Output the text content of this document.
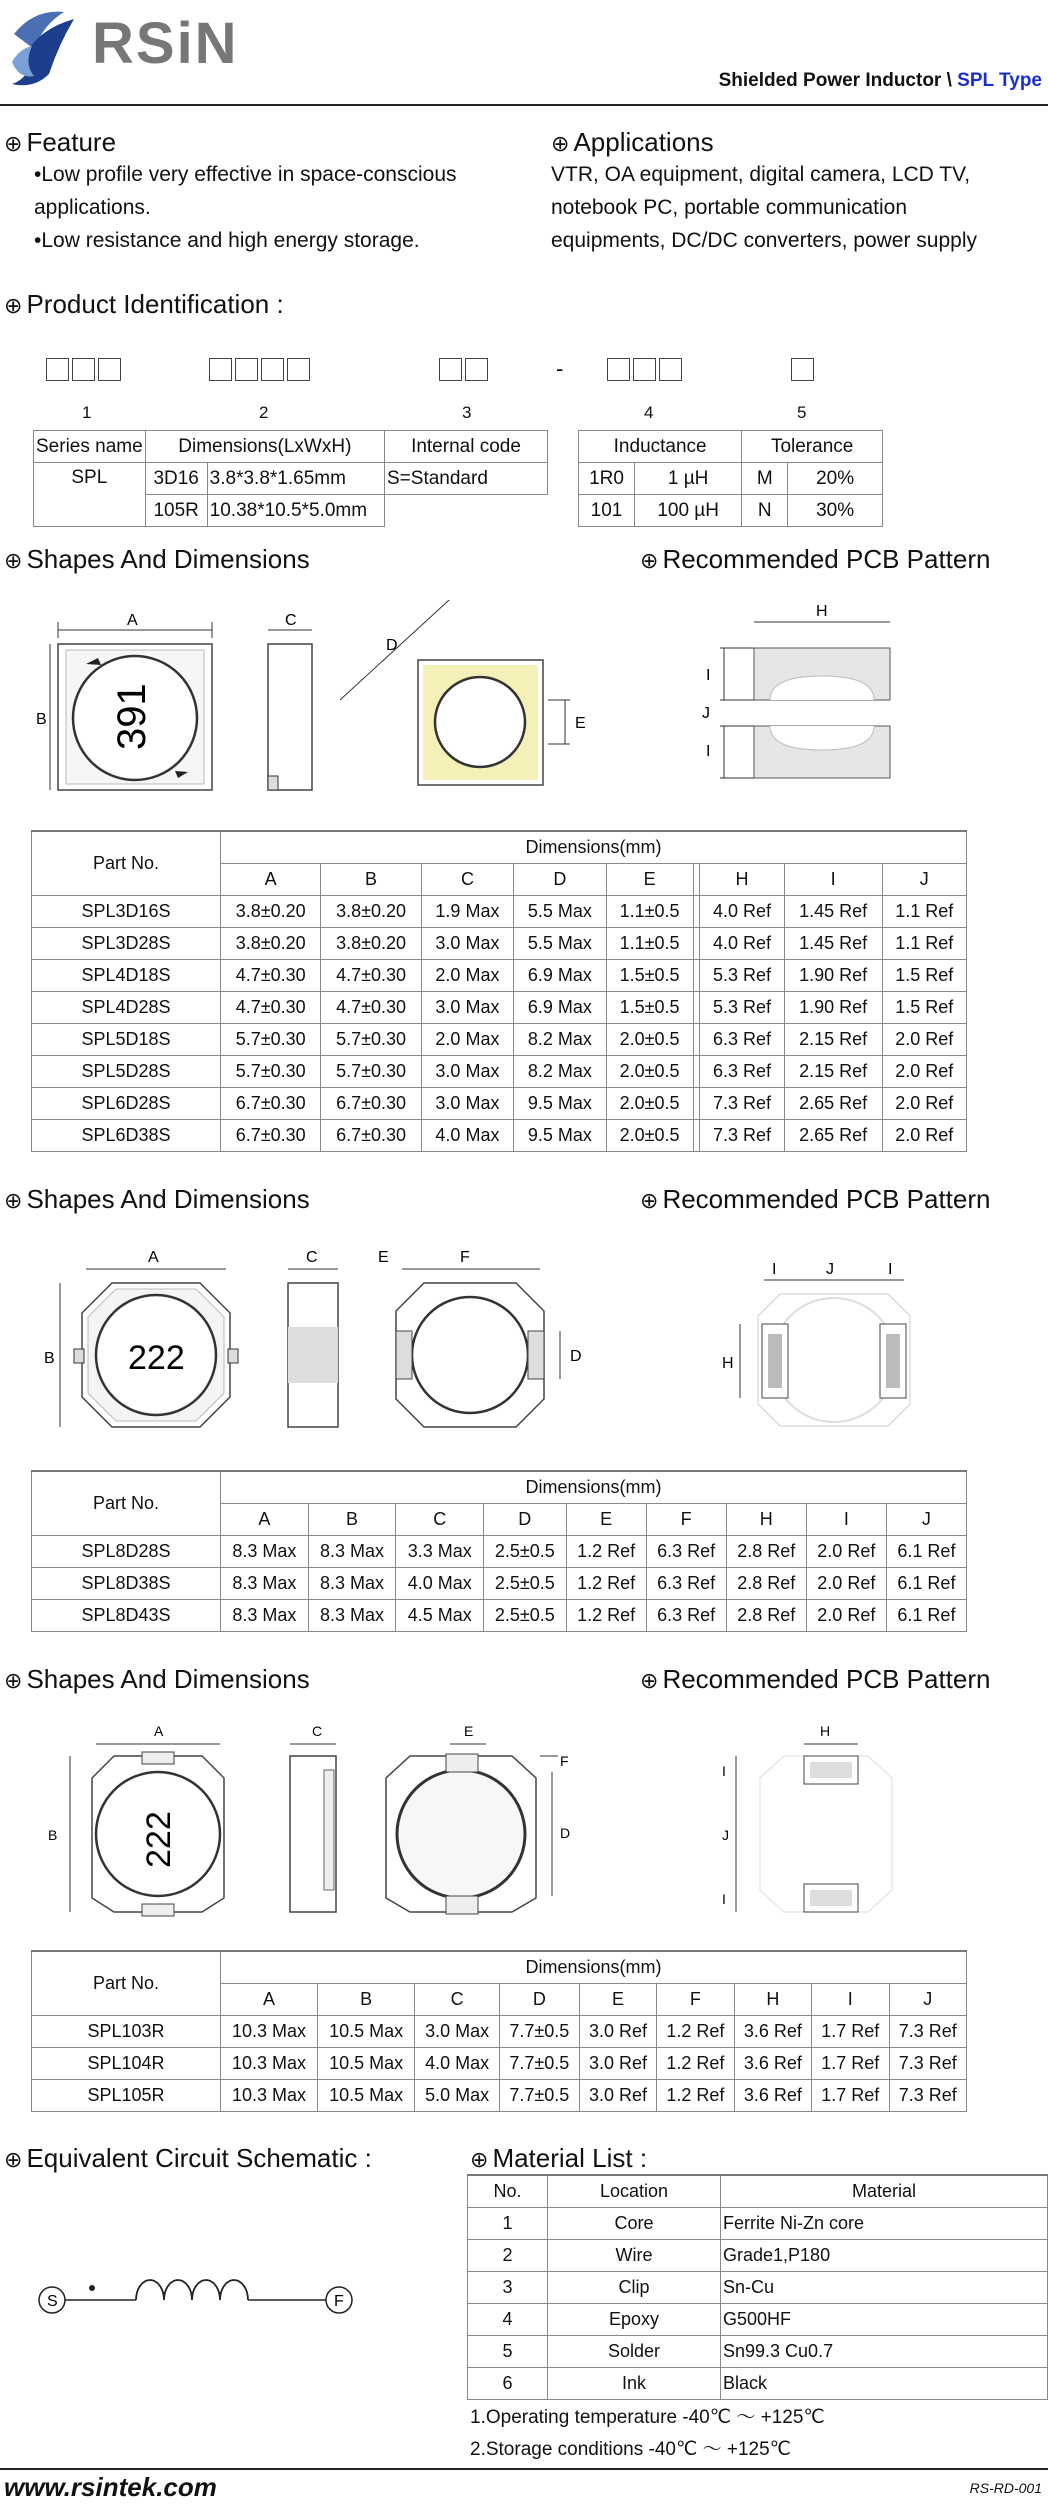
RSiN
Shielded Power Inductor \ SPL Type
⊕ Feature
•Low profile very effective in space-conscious
applications.
•Low resistance and high energy storage.
⊕ Applications
VTR, OA equipment, digital camera, LCD TV,
notebook PC, portable communication
equipments, DC/DC converters, power supply
⊕ Product Identification :
-
1	2	3	4	5
Series name	Dimensions(LxWxH)		Internal code
SPL	3D16	3.8*3.8*1.65mm	S=Standard
	105R	10.38*10.5*5.0mm	
Inductance		Tolerance	
1R0	1 µH	M	20%
101	100 µH	N	30%
⊕ Shapes And Dimensions	⊕ Recommended PCB Pattern
A
391
B
C
D
E
H
I
J
I
Part No.	Dimensions(mm)								
	A	B	C	D	E		H	I	J
SPL3D16S	3.8±0.20	3.8±0.20	1.9 Max	5.5 Max	1.1±0.5		4.0 Ref	1.45 Ref	1.1 Ref
SPL3D28S	3.8±0.20	3.8±0.20	3.0 Max	5.5 Max	1.1±0.5		4.0 Ref	1.45 Ref	1.1 Ref
SPL4D18S	4.7±0.30	4.7±0.30	2.0 Max	6.9 Max	1.5±0.5		5.3 Ref	1.90 Ref	1.5 Ref
SPL4D28S	4.7±0.30	4.7±0.30	3.0 Max	6.9 Max	1.5±0.5		5.3 Ref	1.90 Ref	1.5 Ref
SPL5D18S	5.7±0.30	5.7±0.30	2.0 Max	8.2 Max	2.0±0.5		6.3 Ref	2.15 Ref	2.0 Ref
SPL5D28S	5.7±0.30	5.7±0.30	3.0 Max	8.2 Max	2.0±0.5		6.3 Ref	2.15 Ref	2.0 Ref
SPL6D28S	6.7±0.30	6.7±0.30	3.0 Max	9.5 Max	2.0±0.5		7.3 Ref	2.65 Ref	2.0 Ref
SPL6D38S	6.7±0.30	6.7±0.30	4.0 Max	9.5 Max	2.0±0.5		7.3 Ref	2.65 Ref	2.0 Ref
⊕ Shapes And Dimensions	⊕ Recommended PCB Pattern
A
222
B
C	E	F
D
I	J	I
H
Part No.	Dimensions(mm)								
	A	B	C	D	E	F	H	I	J
SPL8D28S	8.3 Max	8.3 Max	3.3 Max	2.5±0.5	1.2 Ref	6.3 Ref	2.8 Ref	2.0 Ref	6.1 Ref
SPL8D38S	8.3 Max	8.3 Max	4.0 Max	2.5±0.5	1.2 Ref	6.3 Ref	2.8 Ref	2.0 Ref	6.1 Ref
SPL8D43S	8.3 Max	8.3 Max	4.5 Max	2.5±0.5	1.2 Ref	6.3 Ref	2.8 Ref	2.0 Ref	6.1 Ref
⊕ Shapes And Dimensions	⊕ Recommended PCB Pattern
A
222
B
C	E
F
D
H
I
J
I
Part No.	Dimensions(mm)								
	A	B	C	D	E	F	H	I	J
SPL103R	10.3 Max	10.5 Max	3.0 Max	7.7±0.5	3.0 Ref	1.2 Ref	3.6 Ref	1.7 Ref	7.3 Ref
SPL104R	10.3 Max	10.5 Max	4.0 Max	7.7±0.5	3.0 Ref	1.2 Ref	3.6 Ref	1.7 Ref	7.3 Ref
SPL105R	10.3 Max	10.5 Max	5.0 Max	7.7±0.5	3.0 Ref	1.2 Ref	3.6 Ref	1.7 Ref	7.3 Ref
⊕ Equivalent Circuit Schematic :
S	F
⊕ Material List :
No.	Location	Material
1	Core	Ferrite Ni-Zn core
2	Wire	Grade1,P180
3	Clip	Sn-Cu
4	Epoxy	G500HF
5	Solder	Sn99.3 Cu0.7
6	Ink	Black
1.Operating temperature -40℃ ～ +125℃
2.Storage conditions -40℃ ～ +125℃
www.rsintek.com	RS-RD-001
